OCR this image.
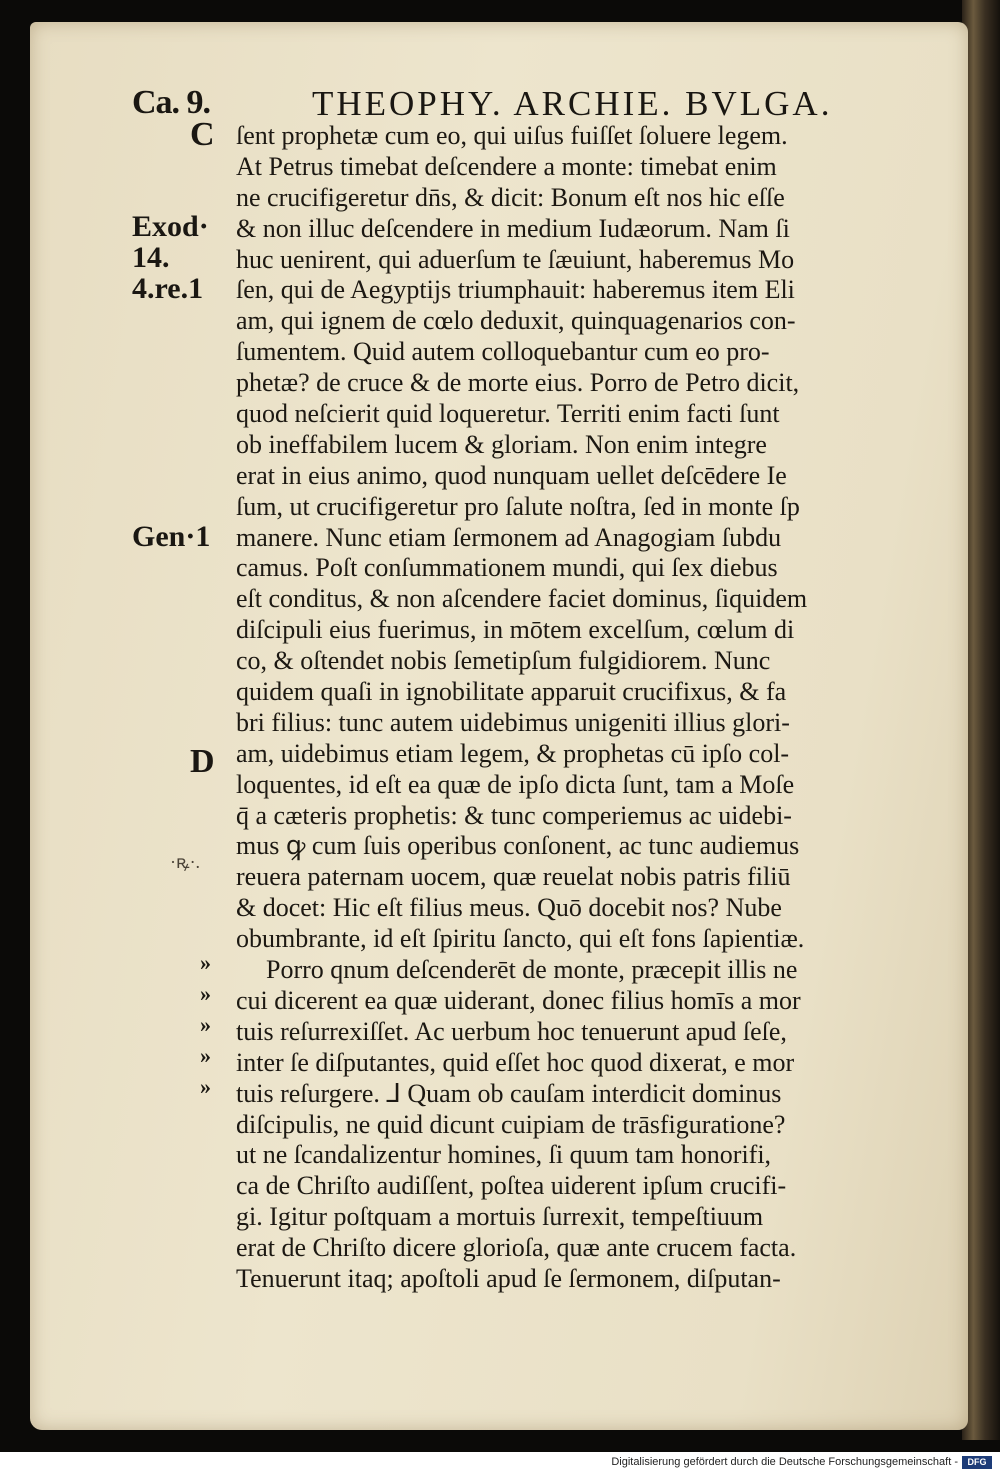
Ca. 9.	THEOPHY. ARCHIE. BVLGA.
C
Exod·
14.
4.re.1
Gen·1
D
·ꝶ·.
»
»
»
»
»
ſent prophetæ cum eo, qui uiſus fuiſſet ſoluere legem.
At Petrus timebat deſcendere a monte: timebat enim
ne crucifigeretur dn̄s, & dicit: Bonum eſt nos hic eſſe
& non illuc deſcendere in medium Iudæorum. Nam ſi
huc uenirent, qui aduerſum te ſæuiunt, haberemus Mo
ſen, qui de Aegyptijs triumphauit: haberemus item Eli
am, qui ignem de cœlo deduxit, quinquagenarios con-
ſumentem. Quid autem colloquebantur cum eo pro-
phetæ? de cruce & de morte eius. Porro de Petro dicit,
quod neſcierit quid loqueretur. Territi enim facti ſunt
ob ineffabilem lucem & gloriam. Non enim integre
erat in eius animo, quod nunquam uellet deſcēdere Ie
ſum, ut crucifigeretur pro ſalute noſtra, ſed in monte ſp
manere. Nunc etiam ſermonem ad Anagogiam ſubdu
camus. Poſt conſummationem mundi, qui ſex diebus
eſt conditus, & non aſcendere faciet dominus, ſiquidem
diſcipuli eius fuerimus, in mōtem excelſum, cœlum di
co, & oſtendet nobis ſemetipſum fulgidiorem. Nunc
quidem quaſi in ignobilitate apparuit crucifixus, & fa
bri filius: tunc autem uidebimus unigeniti illius glori-
am, uidebimus etiam legem, & prophetas cū ipſo col-
loquentes, id eſt ea quæ de ipſo dicta ſunt, tam a Moſe
q̄ a cæteris prophetis: & tunc comperiemus ac uidebi-
mus ꝙ cum ſuis operibus conſonent, ac tunc audiemus
reuera paternam uocem, quæ reuelat nobis patris filiū
& docet: Hic eſt filius meus. Quō docebit nos? Nube
obumbrante, id eſt ſpiritu ſancto, qui eſt fons ſapientiæ.
Porro qnum deſcenderēt de monte, præcepit illis ne
cui dicerent ea quæ uiderant, donec filius homīs a mor
tuis reſurrexiſſet. Ac uerbum hoc tenuerunt apud ſeſe,
inter ſe diſputantes, quid eſſet hoc quod dixerat, e mor
tuis reſurgere. ⅃ Quam ob cauſam interdicit dominus
diſcipulis, ne quid dicunt cuipiam de trāsfiguratione?
ut ne ſcandalizentur homines, ſi quum tam honorifi,
ca de Chriſto audiſſent, poſtea uiderent ipſum crucifi-
gi. Igitur poſtquam a mortuis ſurrexit, tempeſtiuum
erat de Chriſto dicere glorioſa, quæ ante crucem facta.
Tenuerunt itaq; apoſtoli apud ſe ſermonem, diſputan-
Digitalisierung gefördert durch die Deutsche Forschungsgemeinschaft -	DFG
